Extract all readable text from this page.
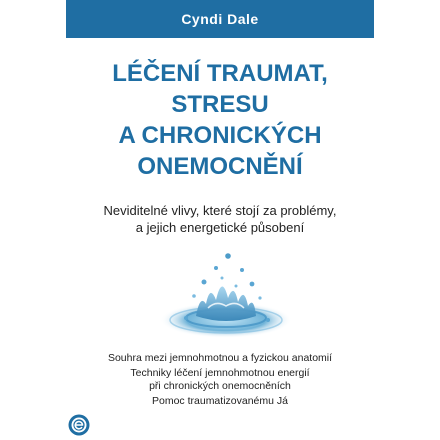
Cyndi Dale
LÉČENÍ TRAUMAT,
STRESU
A CHRONICKÝCH
ONEMOCNĚNÍ
Neviditelné vlivy, které stojí za problémy,
a jejich energetické působení
Souhra mezi jemnohmotnou a fyzickou anatomií
Techniky léčení jemnohmotnou energií
při chronických onemocněních
Pomoc traumatizovanému Já
